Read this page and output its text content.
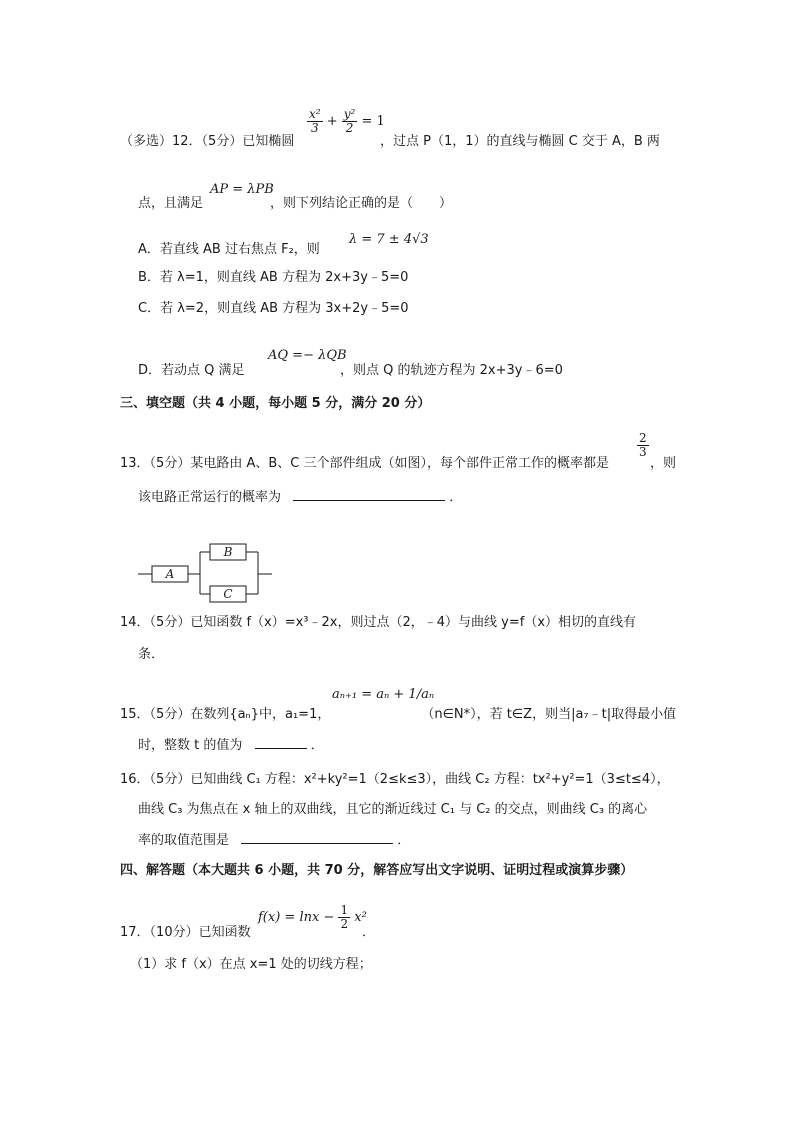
（多选）12．（5分）已知椭圆
$\frac{\text{x²}}{3} + \frac{\text{y²}}{2} = 1$
，过点 P（1，1）的直线与椭圆 C 交于 A，B 两
点，且满足
AP = λPB
，则下列结论正确的是（　　）
A．若直线 AB 过右焦点 F₂，则
λ = 7 ± 4√3
B．若 λ=1，则直线 AB 方程为 2x+3y﹣5=0
C．若 λ=2，则直线 AB 方程为 3x+2y﹣5=0
D．若动点 Q 满足
AQ =− λQB
，则点 Q 的轨迹方程为 2x+3y﹣6=0
三、填空题（共 4 小题，每小题 5 分，满分 20 分）
13．（5分）某电路由 A、B、C 三个部件组成（如图），每个部件正常工作的概率都是
$\frac{2}{3}$
，则
该电路正常运行的概率为	．
A
B
C
14．（5分）已知函数 f（x）=x³﹣2x，则过点（2，﹣4）与曲线 y=f（x）相切的直线有
条．
aₙ₊₁ = aₙ + 1/aₙ
15．（5分）在数列{aₙ}中，a₁=1，　　　　　　　　（n∈N*），若 t∈Z，则当|a₇﹣t|取得最小值
时，整数 t 的值为	．
16．（5分）已知曲线 C₁ 方程：x²+ky²=1（2≤k≤3），曲线 C₂ 方程：tx²+y²=1（3≤t≤4），
曲线 C₃ 为焦点在 x 轴上的双曲线，且它的渐近线过 C₁ 与 C₂ 的交点，则曲线 C₃ 的离心
率的取值范围是	．
四、解答题（本大题共 6 小题，共 70 分，解答应写出文字说明、证明过程或演算步骤）
17．（10分）已知函数
$f(x) = \ln x - \frac{1}{2} x^2$
．
（1）求 f（x）在点 x=1 处的切线方程；
